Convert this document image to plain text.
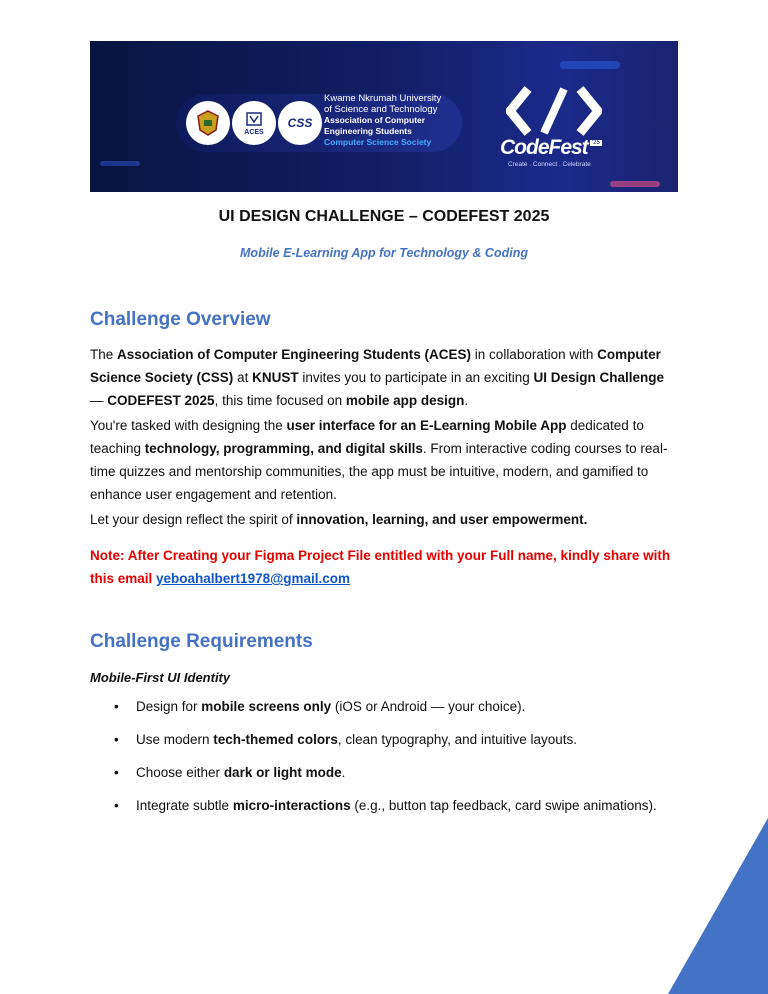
ACES
CSS
Kwame Nkrumah University
of Science and Technology
Association of Computer
Engineering Students
Computer Science Society	CodeFest '25
Create . Connect . Celebrate
UI DESIGN CHALLENGE – CODEFEST 2025
Mobile E-Learning App for Technology & Coding
Challenge Overview
The Association of Computer Engineering Students (ACES) in collaboration with Computer Science Society (CSS) at KNUST invites you to participate in an exciting UI Design Challenge — CODEFEST 2025, this time focused on mobile app design.
You're tasked with designing the user interface for an E-Learning Mobile App dedicated to teaching technology, programming, and digital skills. From interactive coding courses to real-time quizzes and mentorship communities, the app must be intuitive, modern, and gamified to enhance user engagement and retention.
Let your design reflect the spirit of innovation, learning, and user empowerment.
Note: After Creating your Figma Project File entitled with your Full name, kindly share with this email yeboahalbert1978@gmail.com
Challenge Requirements
Mobile-First UI Identity
• Design for mobile screens only (iOS or Android — your choice).
• Use modern tech-themed colors, clean typography, and intuitive layouts.
• Choose either dark or light mode.
• Integrate subtle micro-interactions (e.g., button tap feedback, card swipe animations).
